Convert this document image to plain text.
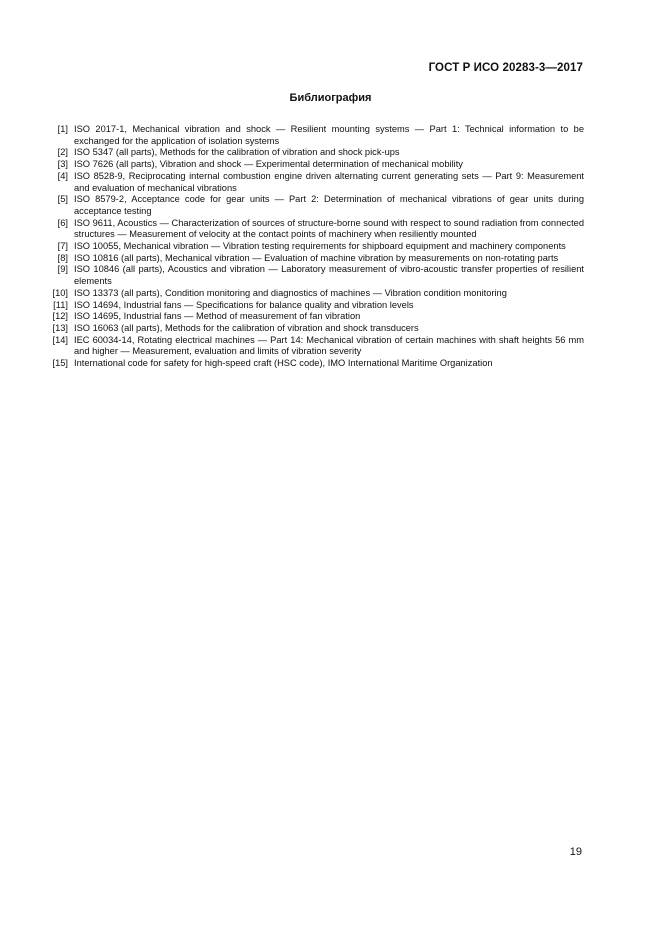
ГОСТ Р ИСО 20283-3—2017
Библиография
[1] ISO 2017-1, Mechanical vibration and shock — Resilient mounting systems — Part 1: Technical information to be exchanged for the application of isolation systems
[2] ISO 5347 (all parts), Methods for the calibration of vibration and shock pick-ups
[3] ISO 7626 (all parts), Vibration and shock — Experimental determination of mechanical mobility
[4] ISO 8528-9, Reciprocating internal combustion engine driven alternating current generating sets — Part 9: Measurement and evaluation of mechanical vibrations
[5] ISO 8579-2, Acceptance code for gear units — Part 2: Determination of mechanical vibrations of gear units during acceptance testing
[6] ISO 9611, Acoustics — Characterization of sources of structure-borne sound with respect to sound radiation from connected structures — Measurement of velocity at the contact points of machinery when resiliently mounted
[7] ISO 10055, Mechanical vibration — Vibration testing requirements for shipboard equipment and machinery components
[8] ISO 10816 (all parts), Mechanical vibration — Evaluation of machine vibration by measurements on non-rotating parts
[9] ISO 10846 (all parts), Acoustics and vibration — Laboratory measurement of vibro-acoustic transfer properties of resilient elements
[10] ISO 13373 (all parts), Condition monitoring and diagnostics of machines — Vibration condition monitoring
[11] ISO 14694, Industrial fans — Specifications for balance quality and vibration levels
[12] ISO 14695, Industrial fans — Method of measurement of fan vibration
[13] ISO 16063 (all parts), Methods for the calibration of vibration and shock transducers
[14] IEC 60034-14, Rotating electrical machines — Part 14: Mechanical vibration of certain machines with shaft heights 56 mm and higher — Measurement, evaluation and limits of vibration severity
[15] International code for safety for high-speed craft (HSC code), IMO International Maritime Organization
19
